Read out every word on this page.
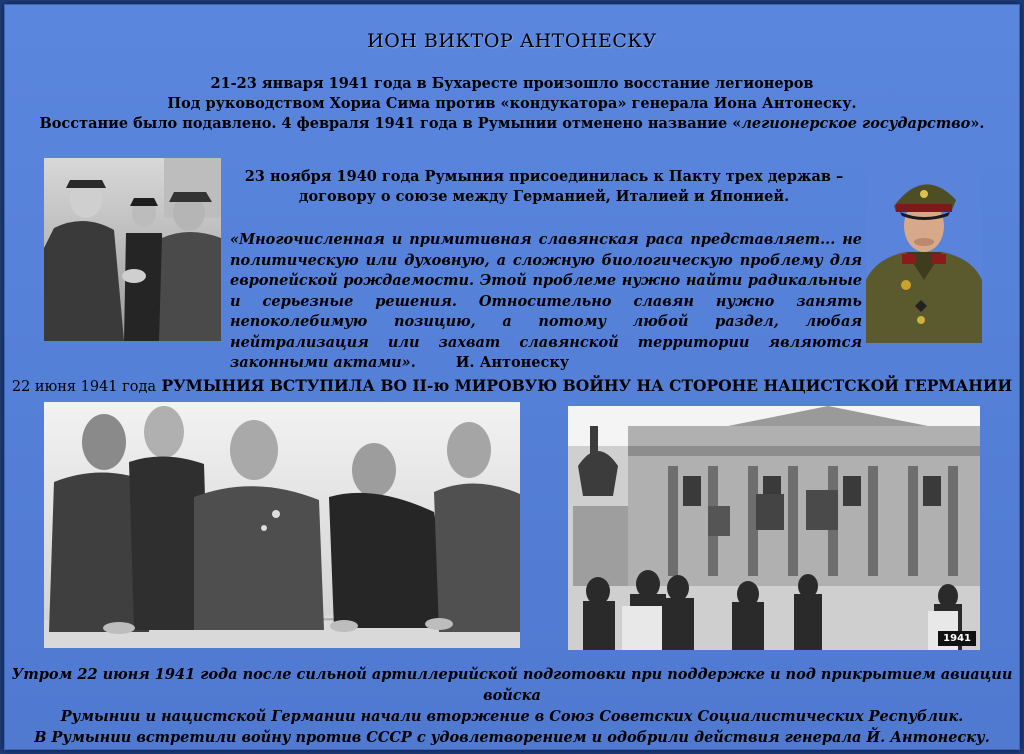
ИОН ВИКТОР АНТОНЕСКУ
21-23 января 1941 года в Бухаресте произошло восстание легионеров
Под руководством Хориа Сима против «кондукатора» генерала Иона Антонеску.
Восстание было подавлено. 4 февраля 1941 года в Румынии отменено название «легионерское государство».
23 ноября 1940 года Румыния присоединилась к Пакту трех держав –
договору о союзе между Германией, Италией и Японией.
«Многочисленная и примитивная славянская раса представляет... не политическую или духовную, а сложную биологическую проблему для европейской рождаемости. Этой проблеме нужно найти радикальные и серьезные решения. Относительно славян нужно занять непоколебимую позицию, а потому любой раздел, любая нейтрализация или захват славянской территории являются законными актами».	И. Антонеску
22 июня 1941 года РУМЫНИЯ ВСТУПИЛА ВО II-ю МИРОВУЮ ВОЙНУ НА СТОРОНЕ НАЦИСТСКОЙ ГЕРМАНИИ
1941
Утром 22 июня 1941 года после сильной артиллерийской подготовки при поддержке и под прикрытием авиации войска
Румынии и нацистской Германии начали вторжение в Союз Советских Социалистических Республик.
В Румынии встретили войну против СССР с удовлетворением и одобрили действия генерала Й. Антонеску.
